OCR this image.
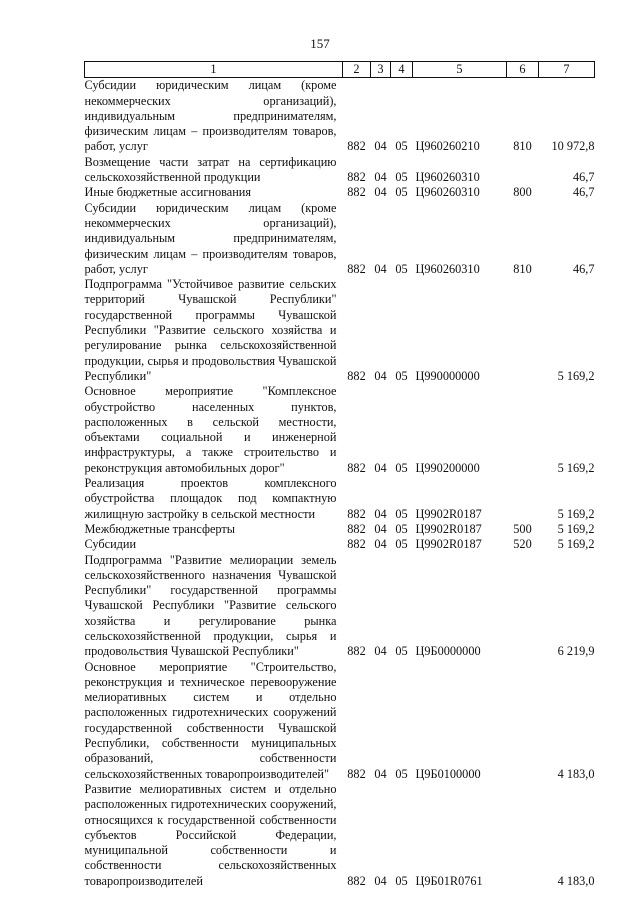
157
1	2	3	4	5	6	7
Субсидии юридическим лицам (кроме некоммерческих организаций), индивидуальным предпринимателям, физическим лицам – производителям товаров, работ, услуг	882	04	05	Ц960260210	810	10 972,8
Возмещение части затрат на сертификацию сельскохозяйственной продукции	882	04	05	Ц960260310		46,7
Иные бюджетные ассигнования	882	04	05	Ц960260310	800	46,7
Субсидии юридическим лицам (кроме некоммерческих организаций), индивидуальным предпринимателям, физическим лицам – производителям товаров, работ, услуг	882	04	05	Ц960260310	810	46,7
Подпрограмма "Устойчивое развитие сельских территорий Чувашской Республики" государственной программы Чувашской Республики "Развитие сельского хозяйства и регулирование рынка сельскохозяйственной продукции, сырья и продовольствия Чувашской Республики"	882	04	05	Ц990000000		5 169,2
Основное мероприятие "Комплексное обустройство населенных пунктов, расположенных в сельской местности, объектами социальной и инженерной инфраструктуры, а также строительство и реконструкция автомобильных дорог"	882	04	05	Ц990200000		5 169,2
Реализация проектов комплексного обустройства площадок под компактную жилищную застройку в сельской местности	882	04	05	Ц9902R0187		5 169,2
Межбюджетные трансферты	882	04	05	Ц9902R0187	500	5 169,2
Субсидии	882	04	05	Ц9902R0187	520	5 169,2
Подпрограмма "Развитие мелиорации земель сельскохозяйственного назначения Чувашской Республики" государственной программы Чувашской Республики "Развитие сельского хозяйства и регулирование рынка сельскохозяйственной продукции, сырья и продовольствия Чувашской Республики"	882	04	05	Ц9Б0000000		6 219,9
Основное мероприятие "Строительство, реконструкция и техническое перевооружение мелиоративных систем и отдельно расположенных гидротехнических сооружений государственной собственности Чувашской Республики, собственности муниципальных образований, собственности сельскохозяйственных товаропроизводителей"	882	04	05	Ц9Б0100000		4 183,0
Развитие мелиоративных систем и отдельно расположенных гидротехнических сооружений, относящихся к государственной собственности субъектов Российской Федерации, муниципальной собственности и собственности сельскохозяйственных товаропроизводителей	882	04	05	Ц9Б01R0761		4 183,0
